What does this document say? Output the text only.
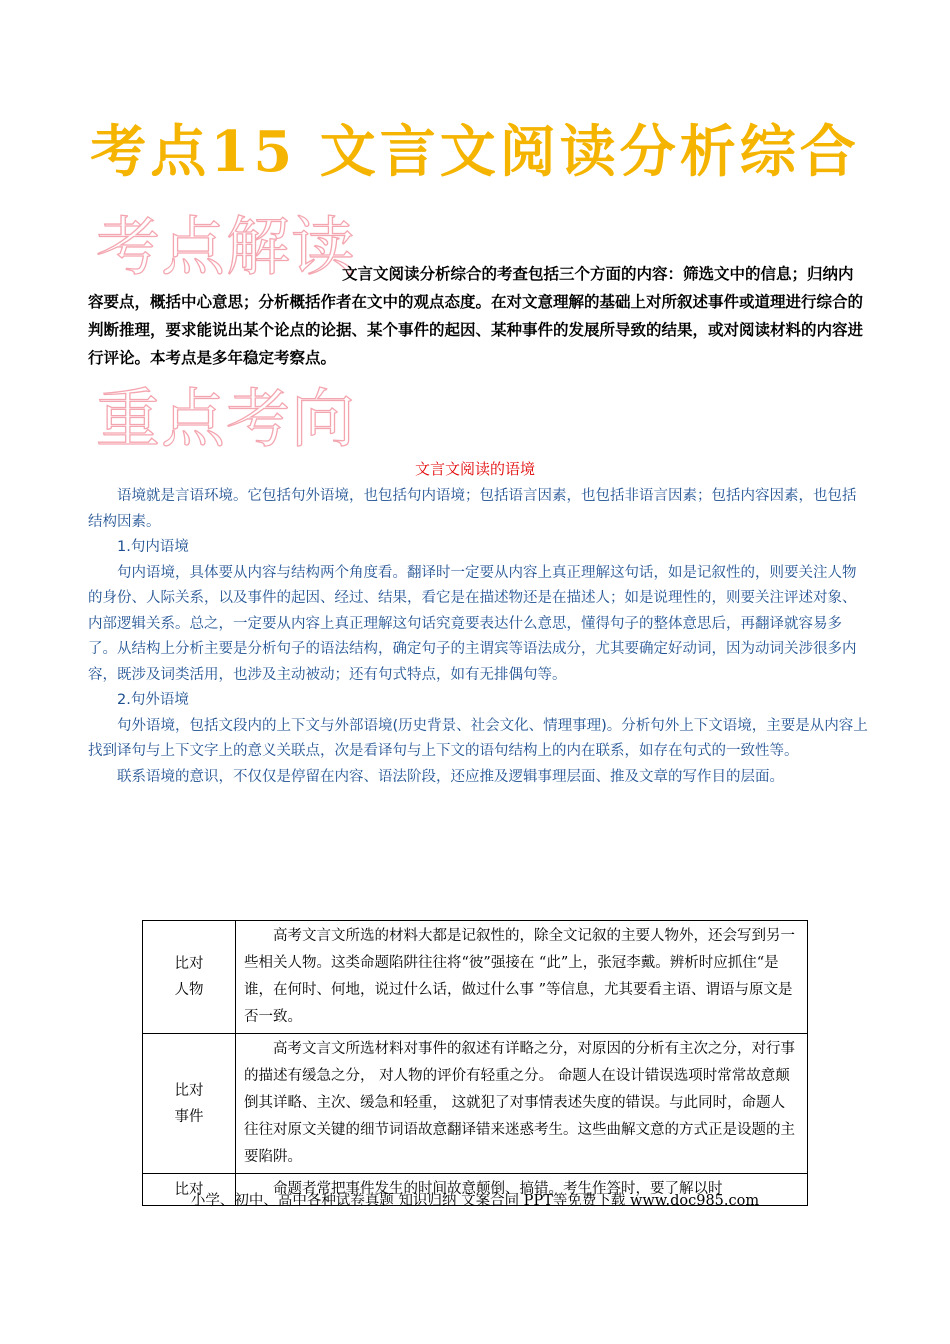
考点15 文言文阅读分析综合
考点解读
文言文阅读分析综合的考查包括三个方面的内容：筛选文中的信息；归纳内容要点，概括中心意思；分析概括作者在文中的观点态度。在对文意理解的基础上对所叙述事件或道理进行综合的判断推理，要求能说出某个论点的论据、某个事件的起因、某种事件的发展所导致的结果，或对阅读材料的内容进行评论。本考点是多年稳定考察点。
重点考向
文言文阅读的语境

语境就是言语环境。它包括句外语境，也包括句内语境；包括语言因素，也包括非语言因素；包括内容因素，也包括结构因素。

1.句内语境

句内语境，具体要从内容与结构两个角度看。翻译时一定要从内容上真正理解这句话，如是记叙性的，则要关注人物的身份、人际关系，以及事件的起因、经过、结果，看它是在描述物还是在描述人；如是说理性的，则要关注评述对象、内部逻辑关系。总之，一定要从内容上真正理解这句话究竟要表达什么意思，懂得句子的整体意思后，再翻译就容易多了。从结构上分析主要是分析句子的语法结构，确定句子的主谓宾等语法成分，尤其要确定好动词，因为动词关涉很多内容，既涉及词类活用，也涉及主动被动；还有句式特点，如有无排偶句等。

2.句外语境

句外语境，包括文段内的上下文与外部语境(历史背景、社会文化、情理事理)。分析句外上下文语境，主要是从内容上找到译句与上下文字上的意义关联点，次是看译句与上下文的语句结构上的内在联系，如存在句式的一致性等。

联系语境的意识，不仅仅是停留在内容、语法阶段，还应推及逻辑事理层面、推及文章的写作目的层面。

比对
人物	高考文言文所选的材料大都是记叙性的，除全文记叙的主要人物外，还会写到另一些相关人物。这类命题陷阱往往将“彼”强接在 “此”上，张冠李戴。辨析时应抓住“是谁，在何时、何地，说过什么话，做过什么事 ”等信息，尤其要看主语、谓语与原文是否一致。

比对
事件	高考文言文所选材料对事件的叙述有详略之分，对原因的分析有主次之分，对行事的描述有缓急之分， 对人物的评价有轻重之分。 命题人在设计错误选项时常常故意颠倒其详略、主次、缓急和轻重， 这就犯了对事情表述失度的错误。与此同时，命题人往往对原文关键的细节词语故意翻译错来迷惑考生。这些曲解文意的方式正是设题的主要陷阱。

比对	命题者常把事件发生的时间故意颠倒、搞错。考生作答时，要了解以时
小学、初中、高中各种试卷真题 知识归纳 文案合同 PPT等免费下载 www.doc985.com
